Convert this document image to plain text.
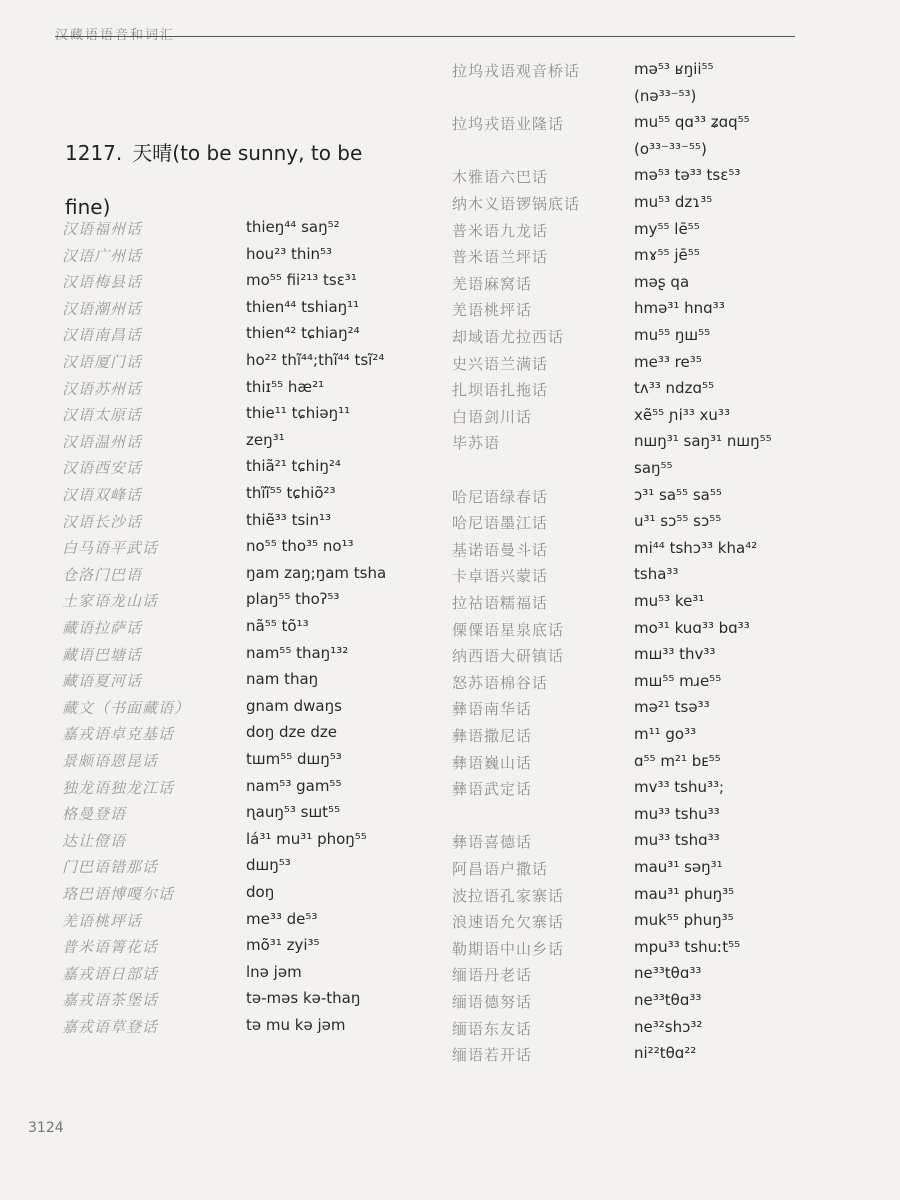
汉藏语语音和词汇
1217. 天晴(to be sunny, to be fine)
汉语福州话	thieŋ⁴⁴ saŋ⁵²
汉语广州话	hou²³ thin⁵³
汉语梅县话	mo⁵⁵ fii²¹³ tsɛ³¹
汉语潮州话	thien⁴⁴ tshiaŋ¹¹
汉语南昌话	thien⁴² tɕhiaŋ²⁴
汉语厦门话	ho²² thĩ⁴⁴;thĩ⁴⁴ tsĩ²⁴
汉语苏州话	thiɪ⁵⁵ hæ²¹
汉语太原话	thie¹¹ tɕhiəŋ¹¹
汉语温州话	zeŋ³¹
汉语西安话	thiã²¹ tɕhiŋ²⁴
汉语双峰话	thĩĩ⁵⁵ tɕhiõ²³
汉语长沙话	thiẽ³³ tsin¹³
白马语平武话	no⁵⁵ tho³⁵ no¹³
仓洛门巴语	ŋam zaŋ;ŋam tsha
土家语龙山话	plaŋ⁵⁵ thoʔ⁵³
藏语拉萨话	nã⁵⁵ tõ¹³
藏语巴塘话	nam⁵⁵ thaŋ¹³²
藏语夏河话	nam thaŋ
藏文（书面藏语）	gnam dwaŋs
嘉戎语卓克基话	doŋ dze dze
景颇语恩昆话	tшm⁵⁵ dшŋ⁵³
独龙语独龙江话	nam⁵³ gam⁵⁵
格曼登语	ɳauŋ⁵³ sшt⁵⁵
达让僜语	lá³¹ mu³¹ phoŋ⁵⁵
门巴语错那话	dшŋ⁵³
珞巴语博嘎尔话	doŋ
羌语桃坪话	me³³ de⁵³
普米语箐花话	mõ³¹ zyi³⁵
嘉戎语日部话	lnə jəm
嘉戎语茶堡话	tə-məs kə-thaŋ
嘉戎语草登话	tə mu kə jəm
拉坞戎语观音桥话	mə⁵³ ʁŋii⁵⁵
(nə³³⁻⁵³)
拉坞戎语业隆话	mu⁵⁵ qɑ³³ ʑɑq⁵⁵
(o³³⁻³³⁻⁵⁵)
木雅语六巴话	mə⁵³ tə³³ tsɛ⁵³
纳木义语锣锅底话	mu⁵³ dzɿ³⁵
普米语九龙话	my⁵⁵ lē⁵⁵
普米语兰坪话	mɤ⁵⁵ jē⁵⁵
羌语麻窝话	məʂ qa
羌语桃坪话	hmə³¹ hnɑ³³
却域语尤拉西话	mu⁵⁵ ŋш⁵⁵
史兴语兰满话	me³³ re³⁵
扎坝语扎拖话	tʌ³³ ndzɑ⁵⁵
白语剑川话	xẽ⁵⁵ ɲi³³ xu³³
毕苏语	nшŋ³¹ saŋ³¹ nшŋ⁵⁵
saŋ⁵⁵
哈尼语绿春话	ɔ³¹ sa⁵⁵ sa⁵⁵
哈尼语墨江话	u³¹ sɔ⁵⁵ sɔ⁵⁵
基诺语曼斗话	mi⁴⁴ tshɔ³³ kha⁴²
卡卓语兴蒙话	tsha³³
拉祜语糯福话	mu⁵³ ke³¹
傈僳语星泉底话	mo³¹ kuɑ³³ bɑ³³
纳西语大研镇话	mш³³ thv³³
怒苏语棉谷话	mш⁵⁵ mɹe⁵⁵
彝语南华话	mə²¹ tsə³³
彝语撒尼话	m¹¹ go³³
彝语巍山话	ɑ⁵⁵ m²¹ bᴇ⁵⁵
彝语武定话	mv³³ tshu³³;
mu³³ tshu³³
彝语喜德话	mu³³ tshɑ³³
阿昌语户撒话	mau³¹ səŋ³¹
波拉语孔家寨话	mau³¹ phuŋ³⁵
浪速语允欠寨话	muk⁵⁵ phuŋ³⁵
勒期语中山乡话	mpu³³ tshuːt⁵⁵
缅语丹老话	ne³³tθɑ³³
缅语德努话	ne³³tθɑ³³
缅语东友话	ne³²shɔ³²
缅语若开话	ni²²tθɑ²²
3124
